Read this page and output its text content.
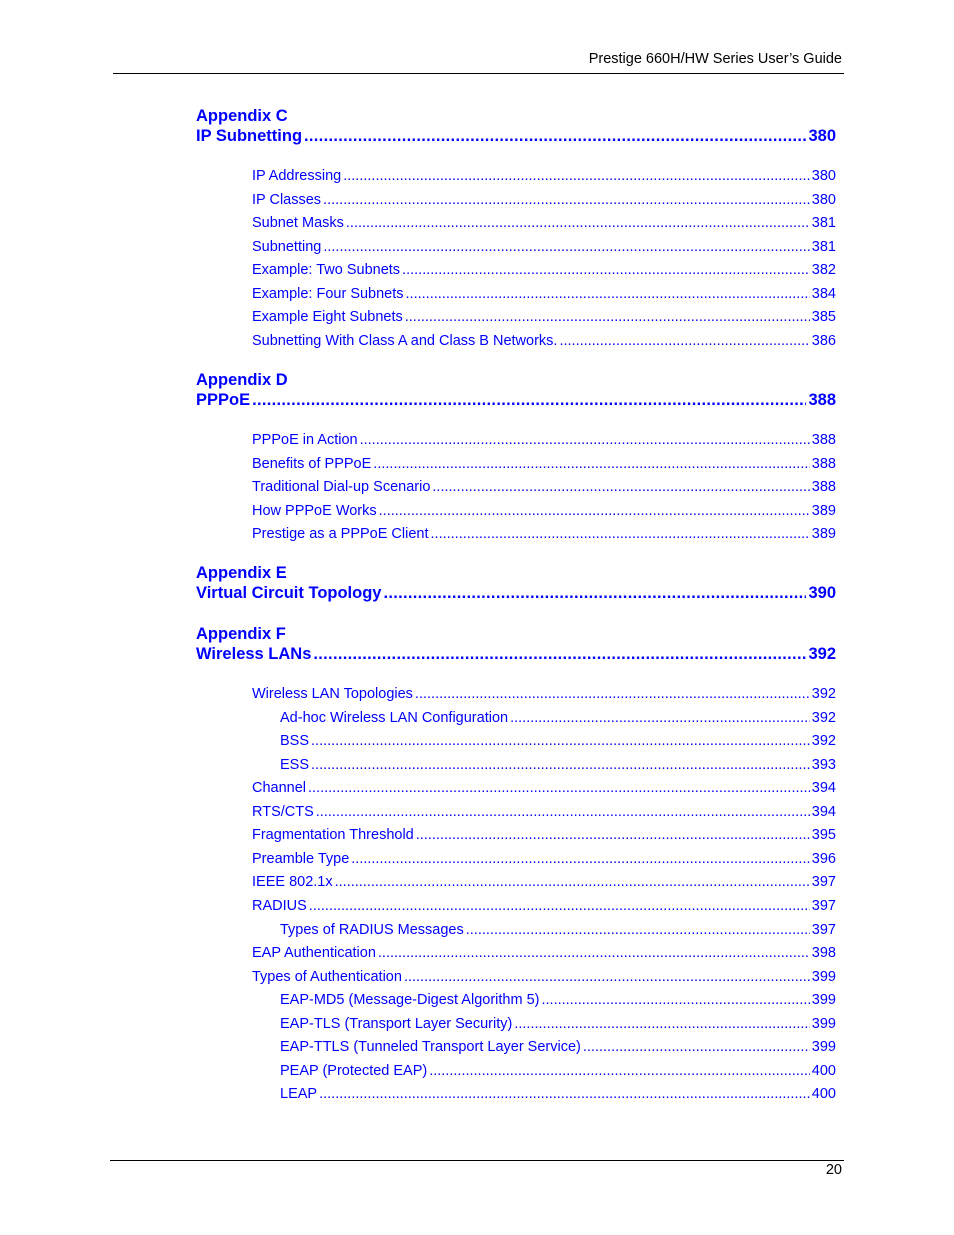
Prestige 660H/HW Series User’s Guide
Appendix C
IP Subnetting .....	380
IP Addressing .....	380
IP Classes .....	380
Subnet Masks .....	381
Subnetting .....	381
Example: Two Subnets .....	382
Example: Four Subnets .....	384
Example Eight Subnets .....	385
Subnetting With Class A and Class B Networks. .....	386
Appendix D
PPPoE .....	388
PPPoE in Action .....	388
Benefits of PPPoE .....	388
Traditional Dial-up Scenario .....	388
How PPPoE Works .....	389
Prestige as a PPPoE Client .....	389
Appendix E
Virtual Circuit Topology .....	390
Appendix F
Wireless LANs .....	392
Wireless LAN Topologies .....	392
Ad-hoc Wireless LAN Configuration .....	392
BSS .....	392
ESS .....	393
Channel .....	394
RTS/CTS .....	394
Fragmentation Threshold .....	395
Preamble Type .....	396
IEEE 802.1x .....	397
RADIUS .....	397
Types of RADIUS Messages .....	397
EAP Authentication .....	398
Types of Authentication .....	399
EAP-MD5 (Message-Digest Algorithm 5) .....	399
EAP-TLS (Transport Layer Security) .....	399
EAP-TTLS (Tunneled Transport Layer Service) .....	399
PEAP (Protected EAP) .....	400
LEAP .....	400
20
